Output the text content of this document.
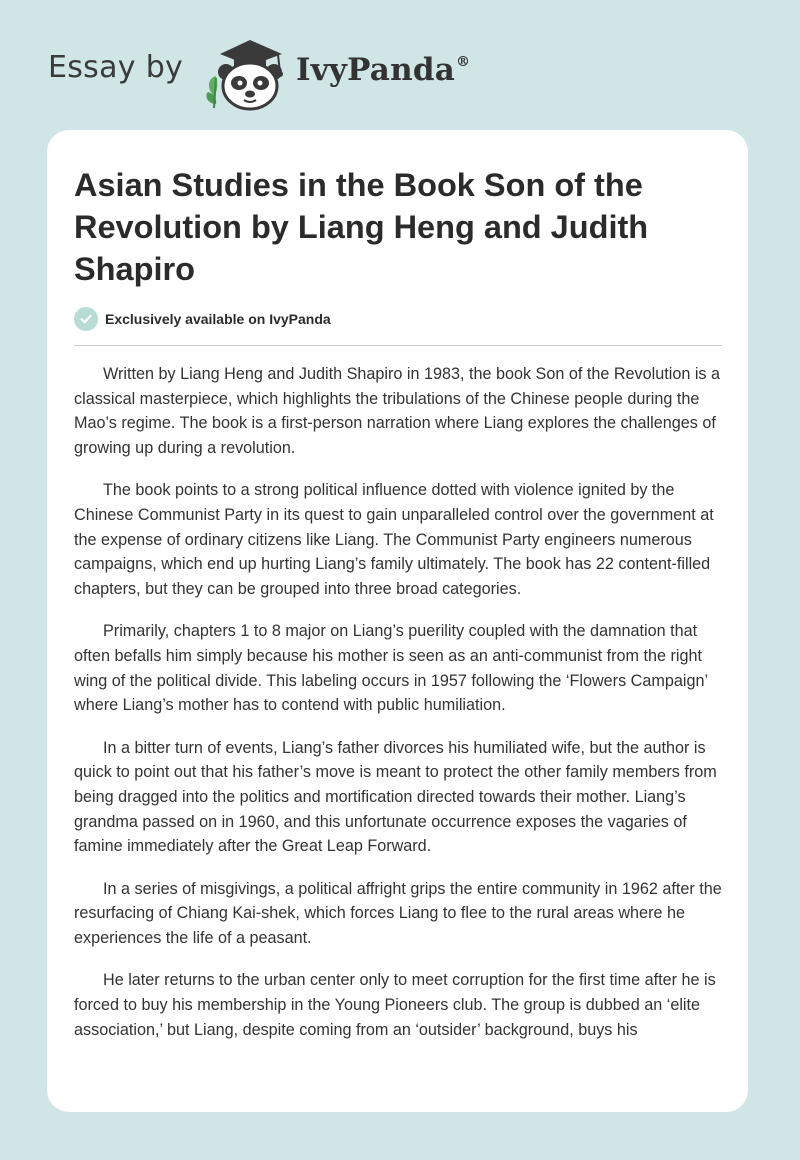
Essay by	IvyPanda®
Asian Studies in the Book Son of the Revolution by Liang Heng and Judith Shapiro
Exclusively available on IvyPanda

Written by Liang Heng and Judith Shapiro in 1983, the book Son of the Revolution is a classical masterpiece, which highlights the tribulations of the Chinese people during the Mao’s regime. The book is a first-person narration where Liang explores the challenges of growing up during a revolution.

The book points to a strong political influence dotted with violence ignited by the Chinese Communist Party in its quest to gain unparalleled control over the government at the expense of ordinary citizens like Liang. The Communist Party engineers numerous campaigns, which end up hurting Liang’s family ultimately. The book has 22 content-filled chapters, but they can be grouped into three broad categories.

Primarily, chapters 1 to 8 major on Liang’s puerility coupled with the damnation that often befalls him simply because his mother is seen as an anti-communist from the right wing of the political divide. This labeling occurs in 1957 following the ‘Flowers Campaign’ where Liang’s mother has to contend with public humiliation.

In a bitter turn of events, Liang’s father divorces his humiliated wife, but the author is quick to point out that his father’s move is meant to protect the other family members from being dragged into the politics and mortification directed towards their mother. Liang’s grandma passed on in 1960, and this unfortunate occurrence exposes the vagaries of famine immediately after the Great Leap Forward.

In a series of misgivings, a political affright grips the entire community in 1962 after the resurfacing of Chiang Kai-shek, which forces Liang to flee to the rural areas where he experiences the life of a peasant.

He later returns to the urban center only to meet corruption for the first time after he is forced to buy his membership in the Young Pioneers club. The group is dubbed an ‘elite association,’ but Liang, despite coming from an ‘outsider’ background, buys his
